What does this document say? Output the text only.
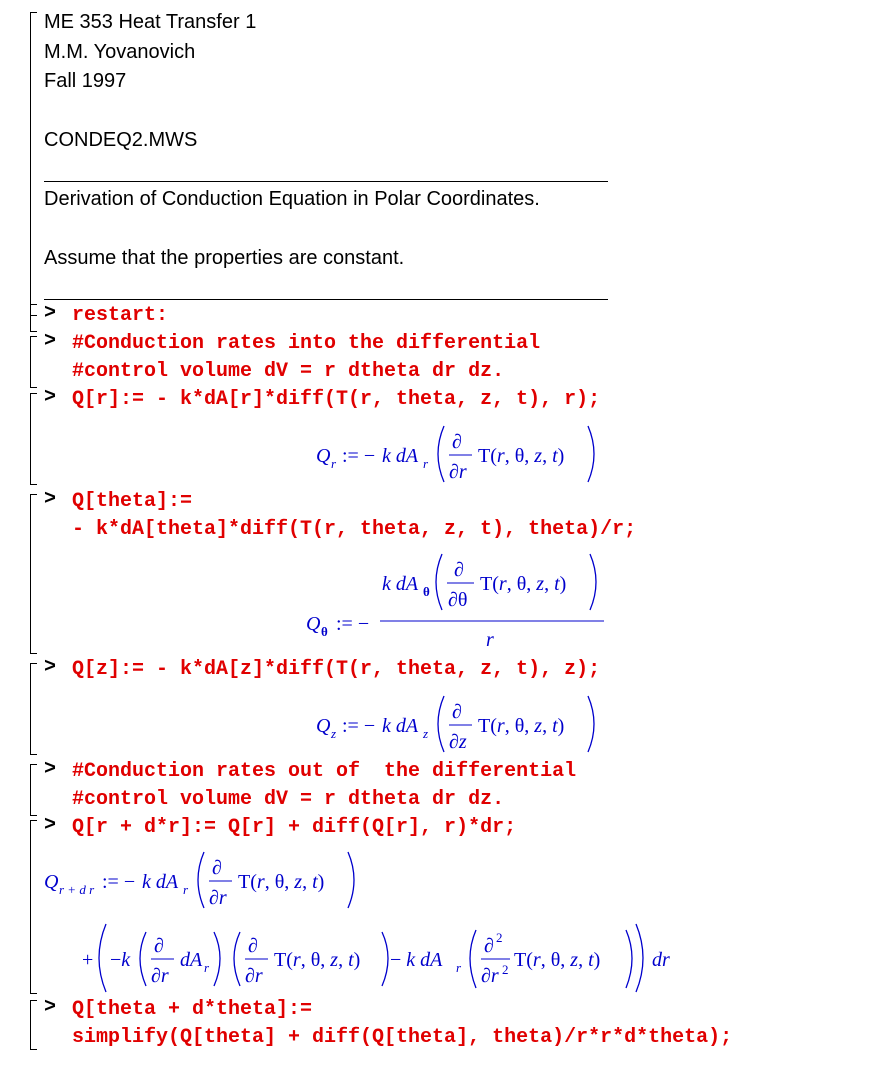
ME 353 Heat Transfer 1
M.M. Yovanovich
Fall 1997
CONDEQ2.MWS
Derivation of Conduction Equation in Polar Coordinates.
Assume that the properties are constant.
> restart:
> #Conduction rates into the differential
#control volume dV = r dtheta dr dz.
> Q[r]:= - k*dA[r]*diff(T(r, theta, z, t), r);
Q r := − k dA r
∂
∂r
T(r, θ, z, t)
> Q[theta]:=
- k*dA[theta]*diff(T(r, theta, z, t), theta)/r;
k dA θ
∂
∂θ
T(r, θ, z, t)
r
Q θ := −
> Q[z]:= - k*dA[z]*diff(T(r, theta, z, t), z);
Q z := − k dA z
∂
∂z
T(r, θ, z, t)
> #Conduction rates out of  the differential
#control volume dV = r dtheta dr dz.
> Q[r + d*r]:= Q[r] + diff(Q[r], r)*dr;
Q r + d r := − k dA r
∂
∂r
T(r, θ, z, t)
+ −k
∂
∂r
dA r
∂
∂r
T(r, θ, z, t) − k dA r
∂ 2
∂r 2 T(r, θ, z, t)	dr
> Q[theta + d*theta]:=
simplify(Q[theta] + diff(Q[theta], theta)/r*r*d*theta);
